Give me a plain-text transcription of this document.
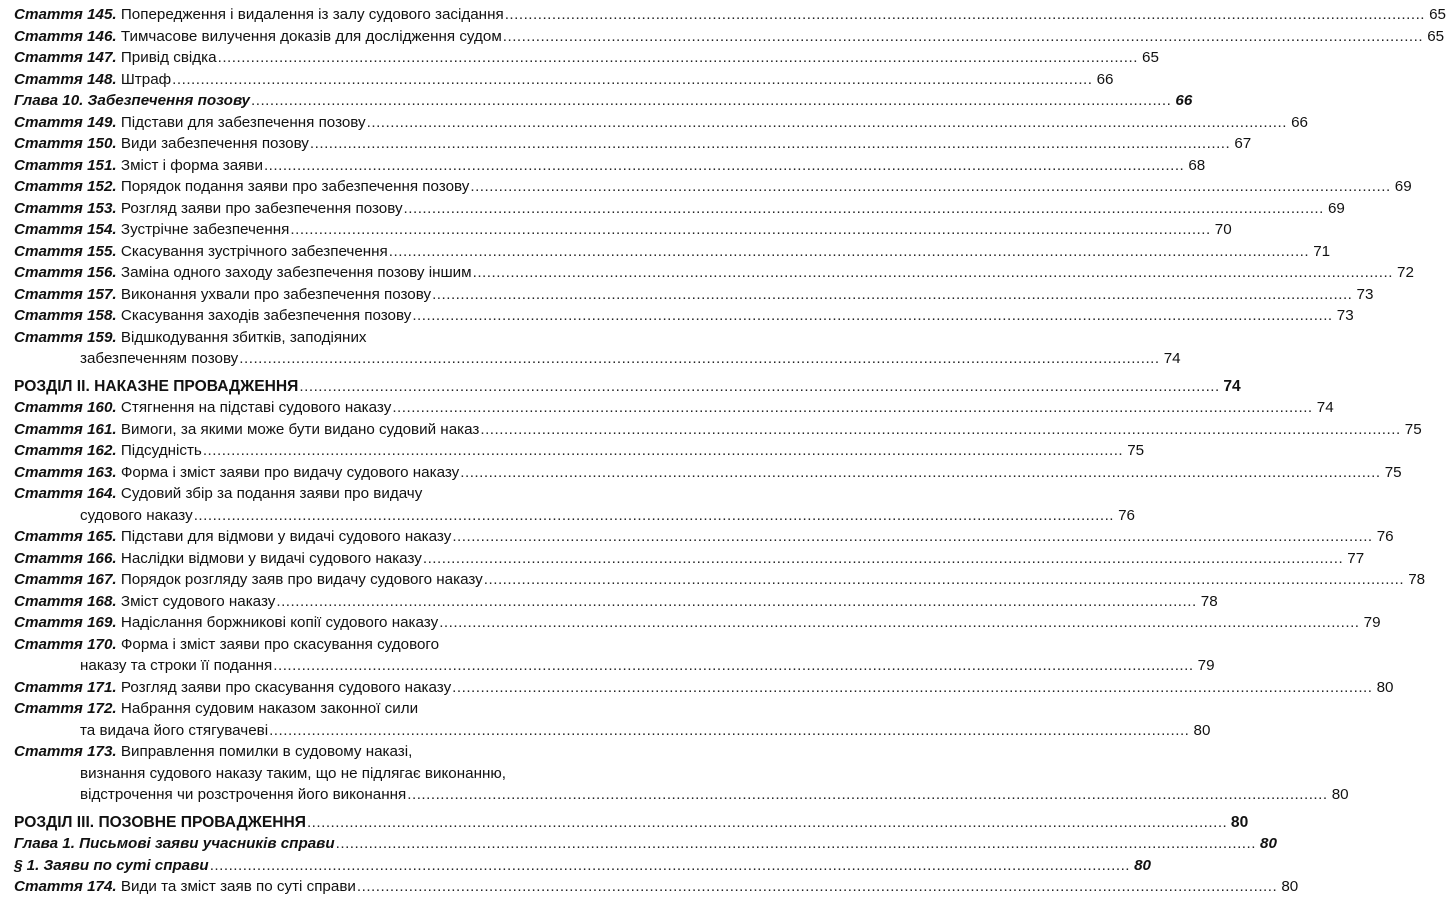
Стаття 145. Попередження і видалення із залу судового засідання .....	65
Стаття 146. Тимчасове вилучення доказів для дослідження судом .....	65
Стаття 147. Привід свідка .....	65
Стаття 148. Штраф .....	66
Глава 10. Забезпечення позову .....	66
Стаття 149. Підстави для забезпечення позову .....	66
Стаття 150. Види забезпечення позову .....	67
Стаття 151. Зміст і форма заяви .....	68
Стаття 152. Порядок подання заяви про забезпечення позову .....	69
Стаття 153. Розгляд заяви про забезпечення позову .....	69
Стаття 154. Зустрічне забезпечення .....	70
Стаття 155. Скасування зустрічного забезпечення .....	71
Стаття 156. Заміна одного заходу забезпечення позову іншим .....	72
Стаття 157. Виконання ухвали про забезпечення позову .....	73
Стаття 158. Скасування заходів забезпечення позову .....	73
Стаття 159. Відшкодування збитків, заподіяних
забезпеченням позову .....	74
РОЗДІЛ ІІ. НАКАЗНЕ ПРОВАДЖЕННЯ .....	74
Стаття 160. Стягнення на підставі судового наказу .....	74
Стаття 161. Вимоги, за якими може бути видано судовий наказ .....	75
Стаття 162. Підсудність .....	75
Стаття 163. Форма і зміст заяви про видачу судового наказу .....	75
Стаття 164. Судовий збір за подання заяви про видачу
судового наказу .....	76
Стаття 165. Підстави для відмови у видачі судового наказу .....	76
Стаття 166. Наслідки відмови у видачі судового наказу .....	77
Стаття 167. Порядок розгляду заяв про видачу судового наказу .....	78
Стаття 168. Зміст судового наказу .....	78
Стаття 169. Надіслання боржникові копії судового наказу .....	79
Стаття 170. Форма і зміст заяви про скасування судового
наказу та строки її подання .....	79
Стаття 171. Розгляд заяви про скасування судового наказу .....	80
Стаття 172. Набрання судовим наказом законної сили
та видача його стягувачеві .....	80
Стаття 173. Виправлення помилки в судовому наказі,
визнання судового наказу таким, що не підлягає виконанню,
відстрочення чи розстрочення його виконання .....	80
РОЗДІЛ ІІІ. ПОЗОВНЕ ПРОВАДЖЕННЯ .....	80
Глава 1. Письмові заяви учасників справи .....	80
§ 1. Заяви по суті справи .....	80
Стаття 174. Види та зміст заяв по суті справи .....	80
